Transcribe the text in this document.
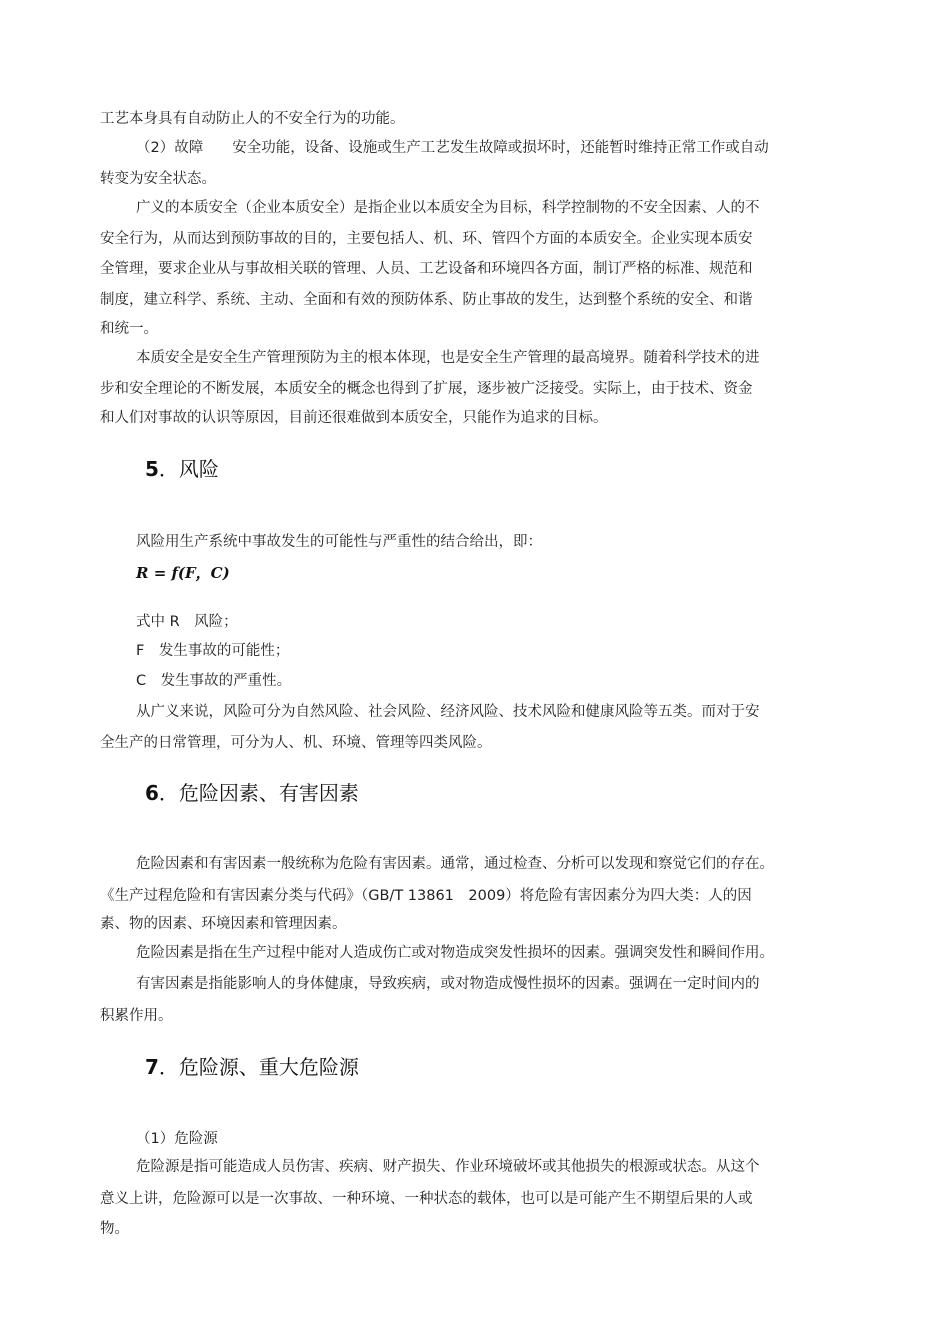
工艺本身具有自动防止人的不安全行为的功能。
（2）故障　　安全功能，设备、设施或生产工艺发生故障或损坏时，还能暂时维持正常工作或自动
转变为安全状态。
广义的本质安全（企业本质安全）是指企业以本质安全为目标，科学控制物的不安全因素、人的不
安全行为，从而达到预防事故的目的，主要包括人、机、环、管四个方面的本质安全。企业实现本质安
全管理，要求企业从与事故相关联的管理、人员、工艺设备和环境四各方面，制订严格的标准、规范和
制度，建立科学、系统、主动、全面和有效的预防体系、防止事故的发生，达到整个系统的安全、和谐
和统一。
本质安全是安全生产管理预防为主的根本体现，也是安全生产管理的最高境界。随着科学技术的进
步和安全理论的不断发展，本质安全的概念也得到了扩展，逐步被广泛接受。实际上，由于技术、资金
和人们对事故的认识等原因，目前还很难做到本质安全，只能作为追求的目标。
5．风险
风险用生产系统中事故发生的可能性与严重性的结合给出，即：
R = f(F，C)
式中 R　风险；
F　发生事故的可能性；
C　发生事故的严重性。
从广义来说，风险可分为自然风险、社会风险、经济风险、技术风险和健康风险等五类。而对于安
全生产的日常管理，可分为人、机、环境、管理等四类风险。
6．危险因素、有害因素
危险因素和有害因素一般统称为危险有害因素。通常，通过检查、分析可以发现和察觉它们的存在。
《生产过程危险和有害因素分类与代码》（GB/T 13861　2009）将危险有害因素分为四大类：人的因
素、物的因素、环境因素和管理因素。
危险因素是指在生产过程中能对人造成伤亡或对物造成突发性损坏的因素。强调突发性和瞬间作用。
有害因素是指能影响人的身体健康，导致疾病，或对物造成慢性损坏的因素。强调在一定时间内的
积累作用。
7．危险源、重大危险源
（1）危险源
危险源是指可能造成人员伤害、疾病、财产损失、作业环境破坏或其他损失的根源或状态。从这个
意义上讲，危险源可以是一次事故、一种环境、一种状态的载体，也可以是可能产生不期望后果的人或
物。
